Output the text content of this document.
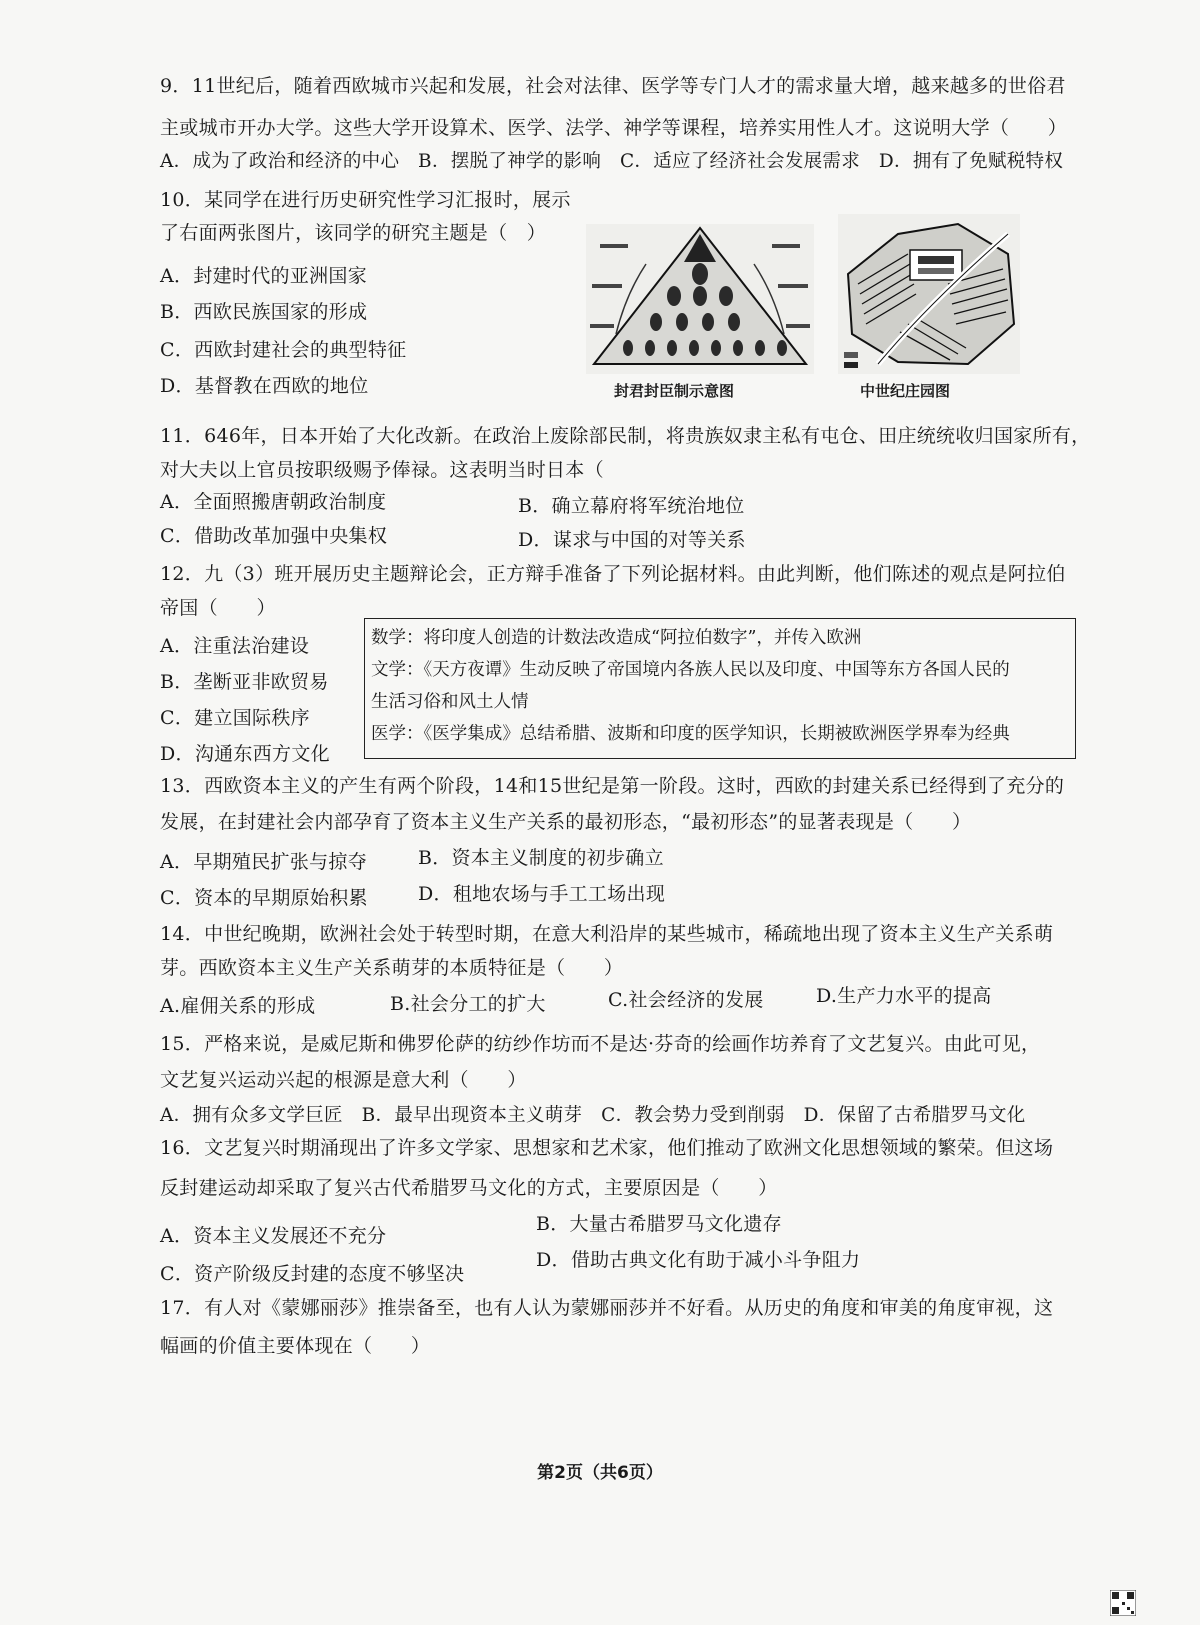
9．11世纪后，随着西欧城市兴起和发展，社会对法律、医学等专门人才的需求量大增，越来越多的世俗君
主或城市开办大学。这些大学开设算术、医学、法学、神学等课程，培养实用性人才。这说明大学（　　）
A．成为了政治和经济的中心　B．摆脱了神学的影响　C．适应了经济社会发展需求　D．拥有了免赋税特权
10．某同学在进行历史研究性学习汇报时，展示
了右面两张图片，该同学的研究主题是（　）
A．封建时代的亚洲国家
B．西欧民族国家的形成
C．西欧封建社会的典型特征
D．基督教在西欧的地位	封君封臣制示意图	中世纪庄园图
11．646年，日本开始了大化改新。在政治上废除部民制，将贵族奴隶主私有屯仓、田庄统统收归国家所有，
对大夫以上官员按职级赐予俸禄。这表明当时日本（
A．全面照搬唐朝政治制度	B．确立幕府将军统治地位
C．借助改革加强中央集权	D．谋求与中国的对等关系
12．九（3）班开展历史主题辩论会，正方辩手准备了下列论据材料。由此判断，他们陈述的观点是阿拉伯
帝国（　　）
A．注重法治建设
B．垄断亚非欧贸易
C．建立国际秩序
D．沟通东西方文化
数学：将印度人创造的计数法改造成“阿拉伯数字”，并传入欧洲
文学：《天方夜谭》生动反映了帝国境内各族人民以及印度、中国等东方各国人民的
生活习俗和风土人情
医学：《医学集成》总结希腊、波斯和印度的医学知识，长期被欧洲医学界奉为经典
13．西欧资本主义的产生有两个阶段，14和15世纪是第一阶段。这时，西欧的封建关系已经得到了充分的
发展，在封建社会内部孕育了资本主义生产关系的最初形态，“最初形态”的显著表现是（　　）
A．早期殖民扩张与掠夺	B．资本主义制度的初步确立
C．资本的早期原始积累	D．租地农场与手工工场出现
14．中世纪晚期，欧洲社会处于转型时期，在意大利沿岸的某些城市，稀疏地出现了资本主义生产关系萌
芽。西欧资本主义生产关系萌芽的本质特征是（　　）
A.雇佣关系的形成	B.社会分工的扩大	C.社会经济的发展	D.生产力水平的提高
15．严格来说，是威尼斯和佛罗伦萨的纺纱作坊而不是达·芬奇的绘画作坊养育了文艺复兴。由此可见，
文艺复兴运动兴起的根源是意大利（　　）
A．拥有众多文学巨匠　B．最早出现资本主义萌芽　C．教会势力受到削弱　D．保留了古希腊罗马文化
16．文艺复兴时期涌现出了许多文学家、思想家和艺术家，他们推动了欧洲文化思想领域的繁荣。但这场
反封建运动却采取了复兴古代希腊罗马文化的方式，主要原因是（　　）
A．资本主义发展还不充分
B．大量古希腊罗马文化遗存
C．资产阶级反封建的态度不够坚决
D．借助古典文化有助于减小斗争阻力
17．有人对《蒙娜丽莎》推崇备至，也有人认为蒙娜丽莎并不好看。从历史的角度和审美的角度审视，这
幅画的价值主要体现在（　　）
第2页（共6页）
